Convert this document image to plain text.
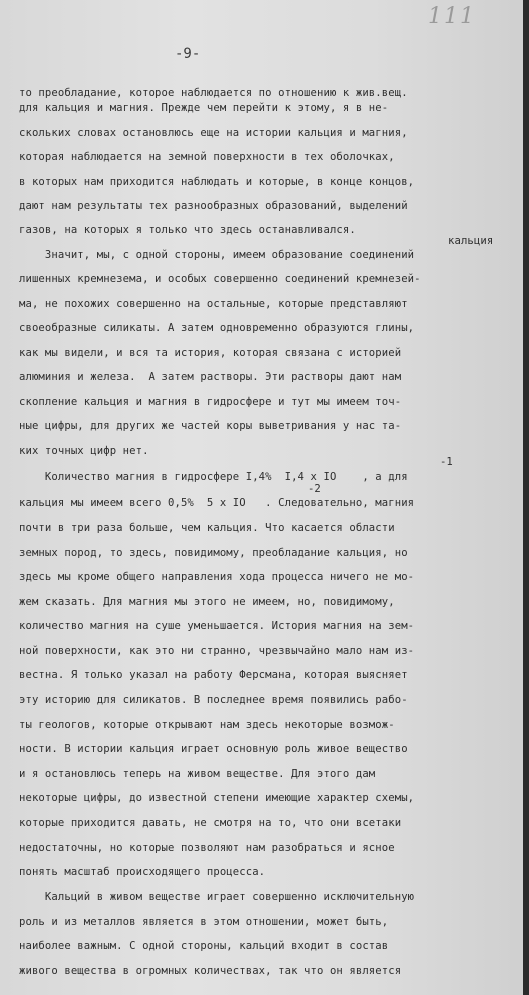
111
-9-
то преобладание, которое наблюдается по отношению к жив.вещ.
для кальция и магния. Прежде чем перейти к этому, я в не-
скольких словах остановлюсь еще на истории кальция и магния,
которая наблюдается на земной поверхности в тех оболочках,
в которых нам приходится наблюдать и которые, в конце концов,
дают нам результаты тех разнообразных образований, выделений
газов, на которых я только что здесь останавливался.
кальция
Значит, мы, с одной стороны, имеем образование соединений
лишенных кремнезема, и особых совершенно соединений кремнезей-
ма, не похожих совершенно на остальные, которые представляют
своеобразные силикаты. А затем одновременно образуются глины,
как мы видели, и вся та история, которая связана с историей
алюминия и железа.  А затем растворы. Эти растворы дают нам
скопление кальция и магния в гидросфере и тут мы имеем точ-
ные цифры, для других же частей коры выветривания у нас та-
ких точных цифр нет.
-1
Количество магния в гидросфере I,4%  I,4 x IO    , а для
-2
кальция мы имеем всего 0,5%  5 x IO   . Следовательно, магния
почти в три раза больше, чем кальция. Что касается области
земных пород, то здесь, повидимому, преобладание кальция, но
здесь мы кроме общего направления хода процесса ничего не мо-
жем сказать. Для магния мы этого не имеем, но, повидимому,
количество магния на суше уменьшается. История магния на зем-
ной поверхности, как это ни странно, чрезвычайно мало нам из-
вестна. Я только указал на работу Ферсмана, которая выясняет
эту историю для силикатов. В последнее время появились рабо-
ты геологов, которые открывают нам здесь некоторые возмож-
ности. В истории кальция играет основную роль живое вещество
и я остановлюсь теперь на живом веществе. Для этого дам
некоторые цифры, до известной степени имеющие характер схемы,
которые приходится давать, не смотря на то, что они всетаки
недостаточны, но которые позволяют нам разобраться и ясное
понять масштаб происходящего процесса.
Кальций в живом веществе играет совершенно исключительную
роль и из металлов является в этом отношении, может быть,
наиболее важным. С одной стороны, кальций входит в состав
живого вещества в огромных количествах, так что он является
